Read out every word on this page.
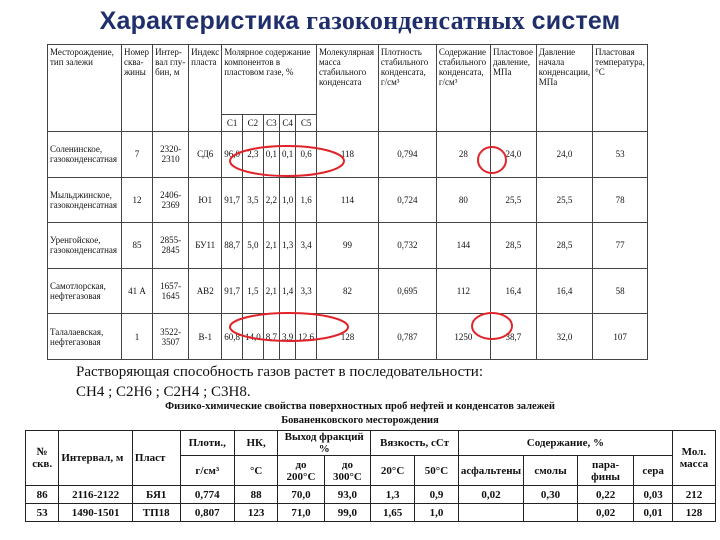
Характеристика газоконденсатных систем
Месторождение, тип залежи	Номер сква-жины	Интер-вал глу-бин, м	Индекс пласта	Молярное содержание компонентов в пластовом газе, %					Молекулярная масса стабильного конденсата	Плотность стабильного конденсата, г/см³	Содержание стабильного конденсата, г/см³	Пластовое давление, МПа	Давление начала конденсации, МПа	Пластовая температура, °C
				C1	C2	C3	C4	C5						
Соленинское, газоконденсатная	7	2320-2310	СД6	96,0	2,3	0,1	0,1	0,6	118	0,794	28	24,0	24,0	53
Мыльджинское, газоконденсатная	12	2406-2369	Ю1	91,7	3,5	2,2	1,0	1,6	114	0,724	80	25,5	25,5	78
Уренгойское, газоконденсатная	85	2855-2845	БУ11	88,7	5,0	2,1	1,3	3,4	99	0,732	144	28,5	28,5	77
Самотлорская, нефтегазовая	41 А	1657-1645	АВ2	91,7	1,5	2,1	1,4	3,3	82	0,695	112	16,4	16,4	58
Талалаевская, нефтегазовая	1	3522-3507	В-1	60,8	14,0	8,7	3,9	12,6	128	0,787	1250	38,7	32,0	107
Растворяющая способность газов растет в последовательности:
CH4 ; C2H6 ; C2H4 ; C3H8.
Физико-химические свойства поверхностных проб нефтей и конденсатов залежей
Бованенковского месторождения
№ скв.	Интервал, м	Пласт	Плоти.,	НК,	Выход фракций %		Вязкость, сСт		Содержание, %				Мол. масса
			г/см³	°С	до 200°С	до 300°С	20°С	50°С	асфальтены	смолы	пара-фины	сера	

86	2116-2122	БЯ1	0,774	88	70,0	93,0	1,3	0,9	0,02	0,30	0,22	0,03	212
53	1490-1501	ТП18	0,807	123	71,0	99,0	1,65	1,0			0,02	0,01	128
